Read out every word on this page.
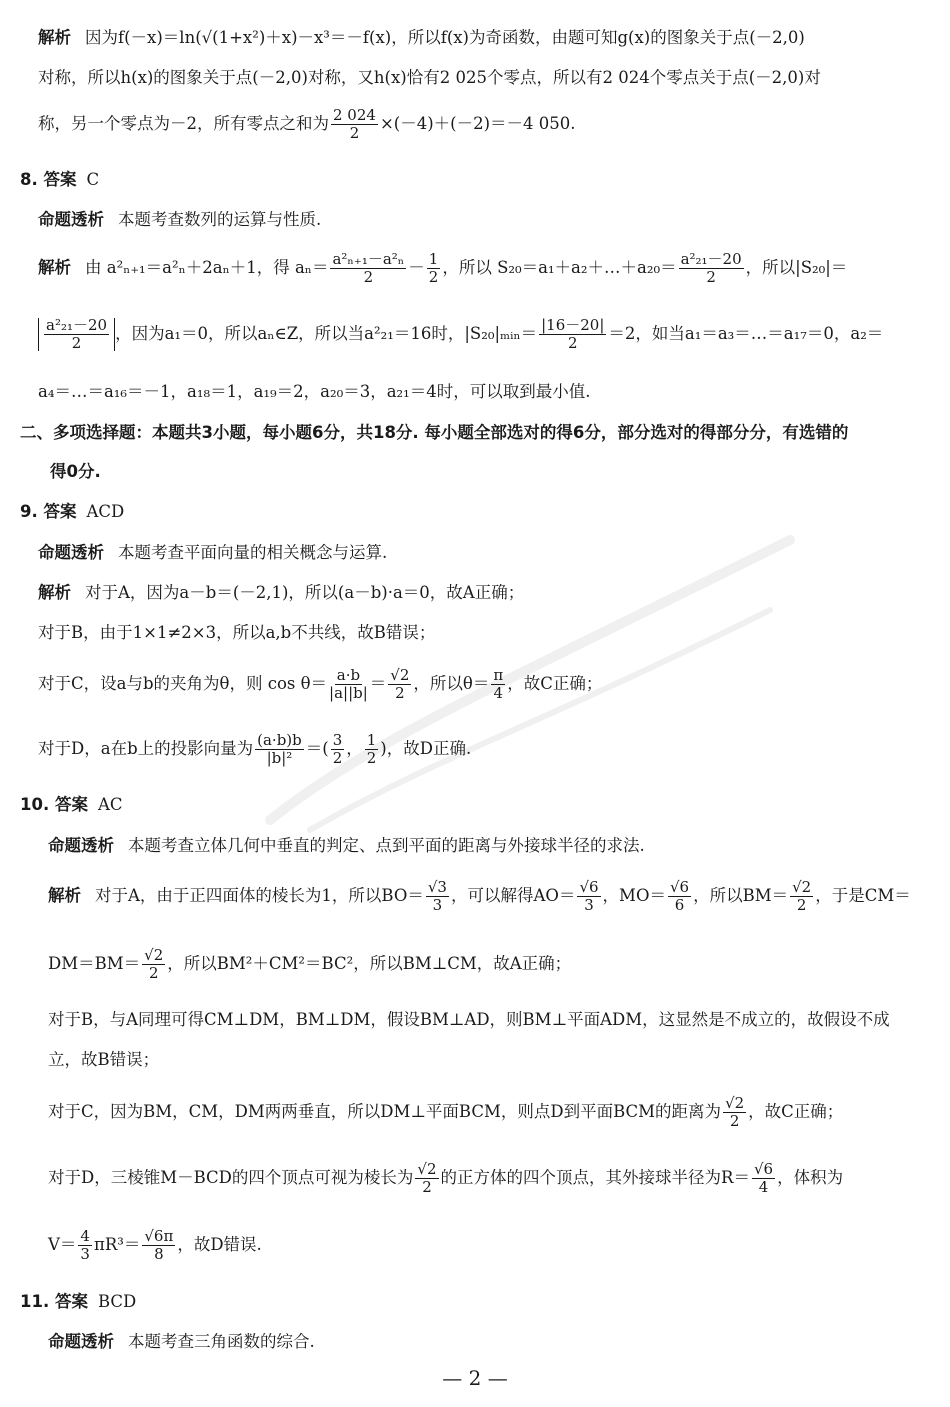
解析 因为f(－x)＝ln(√(1+x²)＋x)－x³＝－f(x)，所以f(x)为奇函数，由题可知g(x)的图象关于点(－2,0)
对称，所以h(x)的图象关于点(－2,0)对称，又h(x)恰有2 025个零点，所以有2 024个零点关于点(－2,0)对
称，另一个零点为－2，所有零点之和为 $\frac{2 024}{2} \times(-4)+(-2)=-4$ 050.
8. 答案 C
命题透析 本题考查数列的运算与性质.
解析 由 a²ₙ₊₁＝a²ₙ＋2aₙ＋1，得 $a_n= \frac{\text{a²ₙ₊₁－a²ₙ}}{2} - \frac{1}{2}$ ，所以 S₂₀＝a₁＋a₂＋…＋a₂₀＝ $\frac{\text{a²₂₁－20}}{2}$ ，所以|S₂₀|＝
$\frac{\text{a²₂₁－20}}{2}$ ，因为a₁＝0，所以aₙ∈Z，所以当a²₂₁＝16时，|S₂₀|ₘᵢₙ＝ $\frac{|16-20|}{2} =2$，如当a₁＝a₃＝…＝a₁₇＝0，a₂＝
a₄＝…＝a₁₆＝－1，a₁₈＝1，a₁₉＝2，a₂₀＝3，a₂₁＝4时，可以取到最小值.
二、多项选择题：本题共3小题，每小题6分，共18分. 每小题全部选对的得6分，部分选对的得部分分，有选错的
得0分.
9. 答案 ACD
命题透析 本题考查平面向量的相关概念与运算.
解析 对于A，因为a－b＝(－2,1)，所以(a－b)·a＝0，故A正确；
对于B，由于1×1≠2×3，所以a,b不共线，故B错误；
对于C，设a与b的夹角为θ，则 $\cos \theta= \frac{a\cdot b}{|a||b|} = \frac{√2}{2}$ ，所以$\theta= \frac{\pi}{4}$ ，故C正确；
对于D，a在b上的投影向量为 $\frac{(a\cdot b)b}{\text{|b|²}}$ ＝( $\frac{3}{2}$ ， $\frac{1}{2}$ )，故D正确.
10. 答案 AC
命题透析 本题考查立体几何中垂直的判定、点到平面的距离与外接球半径的求法.
解析 对于A，由于正四面体的棱长为1，所以$BO= \frac{√3}{3}$ ，可以解得$AO= \frac{√6}{3}$ ，$MO= \frac{√6}{6}$ ，所以$BM= \frac{√2}{2}$ ，于是CM＝
$DM=BM= \frac{√2}{2}$ ，所以BM²＋CM²＝BC²，所以BM⊥CM，故A正确；
对于B，与A同理可得CM⊥DM，BM⊥DM，假设BM⊥AD，则BM⊥平面ADM，这显然是不成立的，故假设不成
立，故B错误；
对于C，因为BM，CM，DM两两垂直，所以DM⊥平面BCM，则点D到平面BCM的距离为 $\frac{√2}{2}$ ，故C正确；
对于D，三棱锥M－BCD的四个顶点可视为棱长为 $\frac{√2}{2}$ 的正方体的四个顶点，其外接球半径为$R= \frac{√6}{4}$ ，体积为
$V= \frac{4}{3} \pi R^3= \frac{√6\pi}{8}$ ，故D错误.
11. 答案 BCD
命题透析 本题考查三角函数的综合.
— 2 —
